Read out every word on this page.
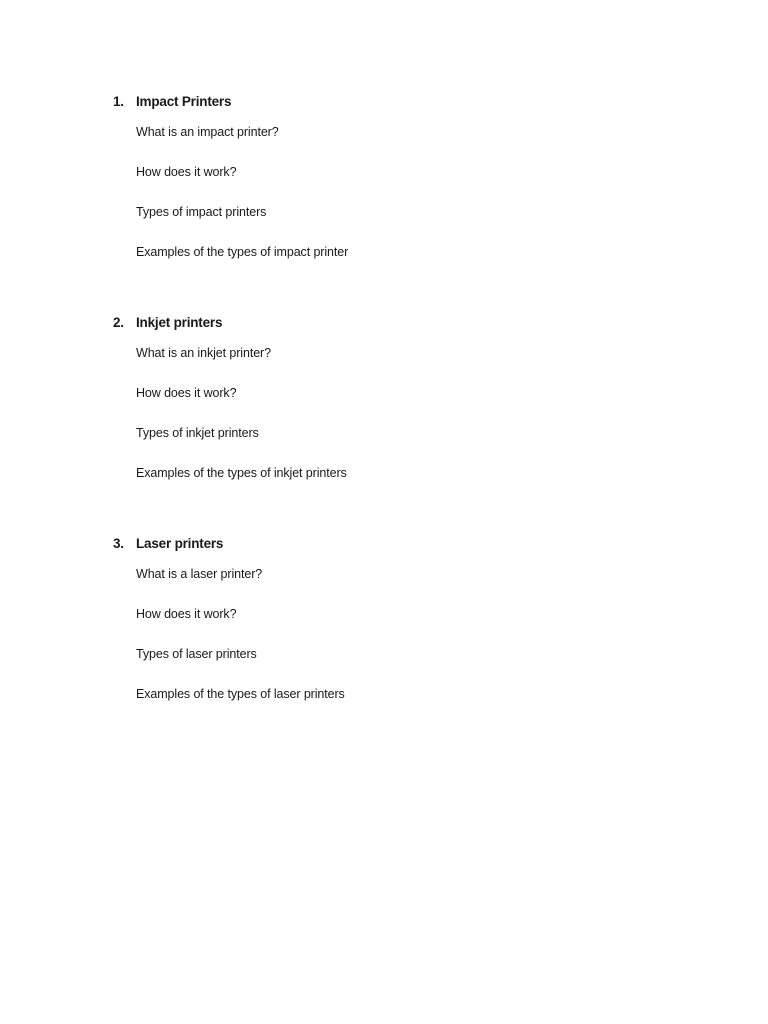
1. Impact Printers
What is an impact printer?
How does it work?
Types of impact printers
Examples of the types of impact printer
2. Inkjet printers
What is an inkjet printer?
How does it work?
Types of inkjet printers
Examples of the types of inkjet printers
3. Laser printers
What is a laser printer?
How does it work?
Types of laser printers
Examples of the types of laser printers
